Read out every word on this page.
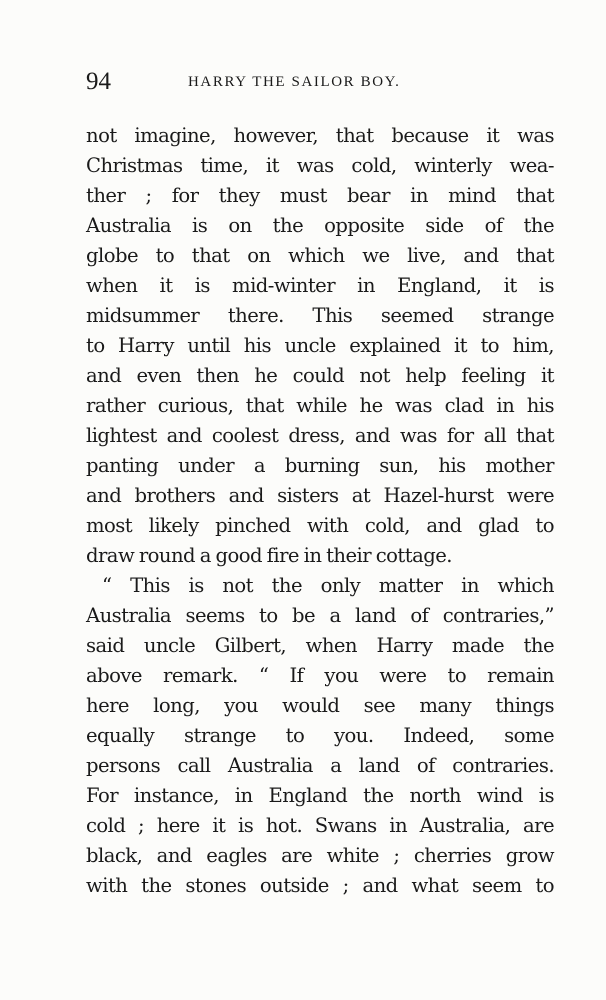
94	HARRY THE SAILOR BOY.
not imagine, however, that because it was
Christmas time, it was cold, winterly wea-
ther ; for they must bear in mind that
Australia is on the opposite side of the
globe to that on which we live, and that
when it is mid-winter in England, it is
midsummer there. This seemed strange
to Harry until his uncle explained it to him,
and even then he could not help feeling it
rather curious, that while he was clad in his
lightest and coolest dress, and was for all that
panting under a burning sun, his mother
and brothers and sisters at Hazel-hurst were
most likely pinched with cold, and glad to
draw round a good fire in their cottage.
“ This is not the only matter in which
Australia seems to be a land of contraries,”
said uncle Gilbert, when Harry made the
above remark. “ If you were to remain
here long, you would see many things
equally strange to you. Indeed, some
persons call Australia a land of contraries.
For instance, in England the north wind is
cold ; here it is hot. Swans in Australia, are
black, and eagles are white ; cherries grow
with the stones outside ; and what seem to
